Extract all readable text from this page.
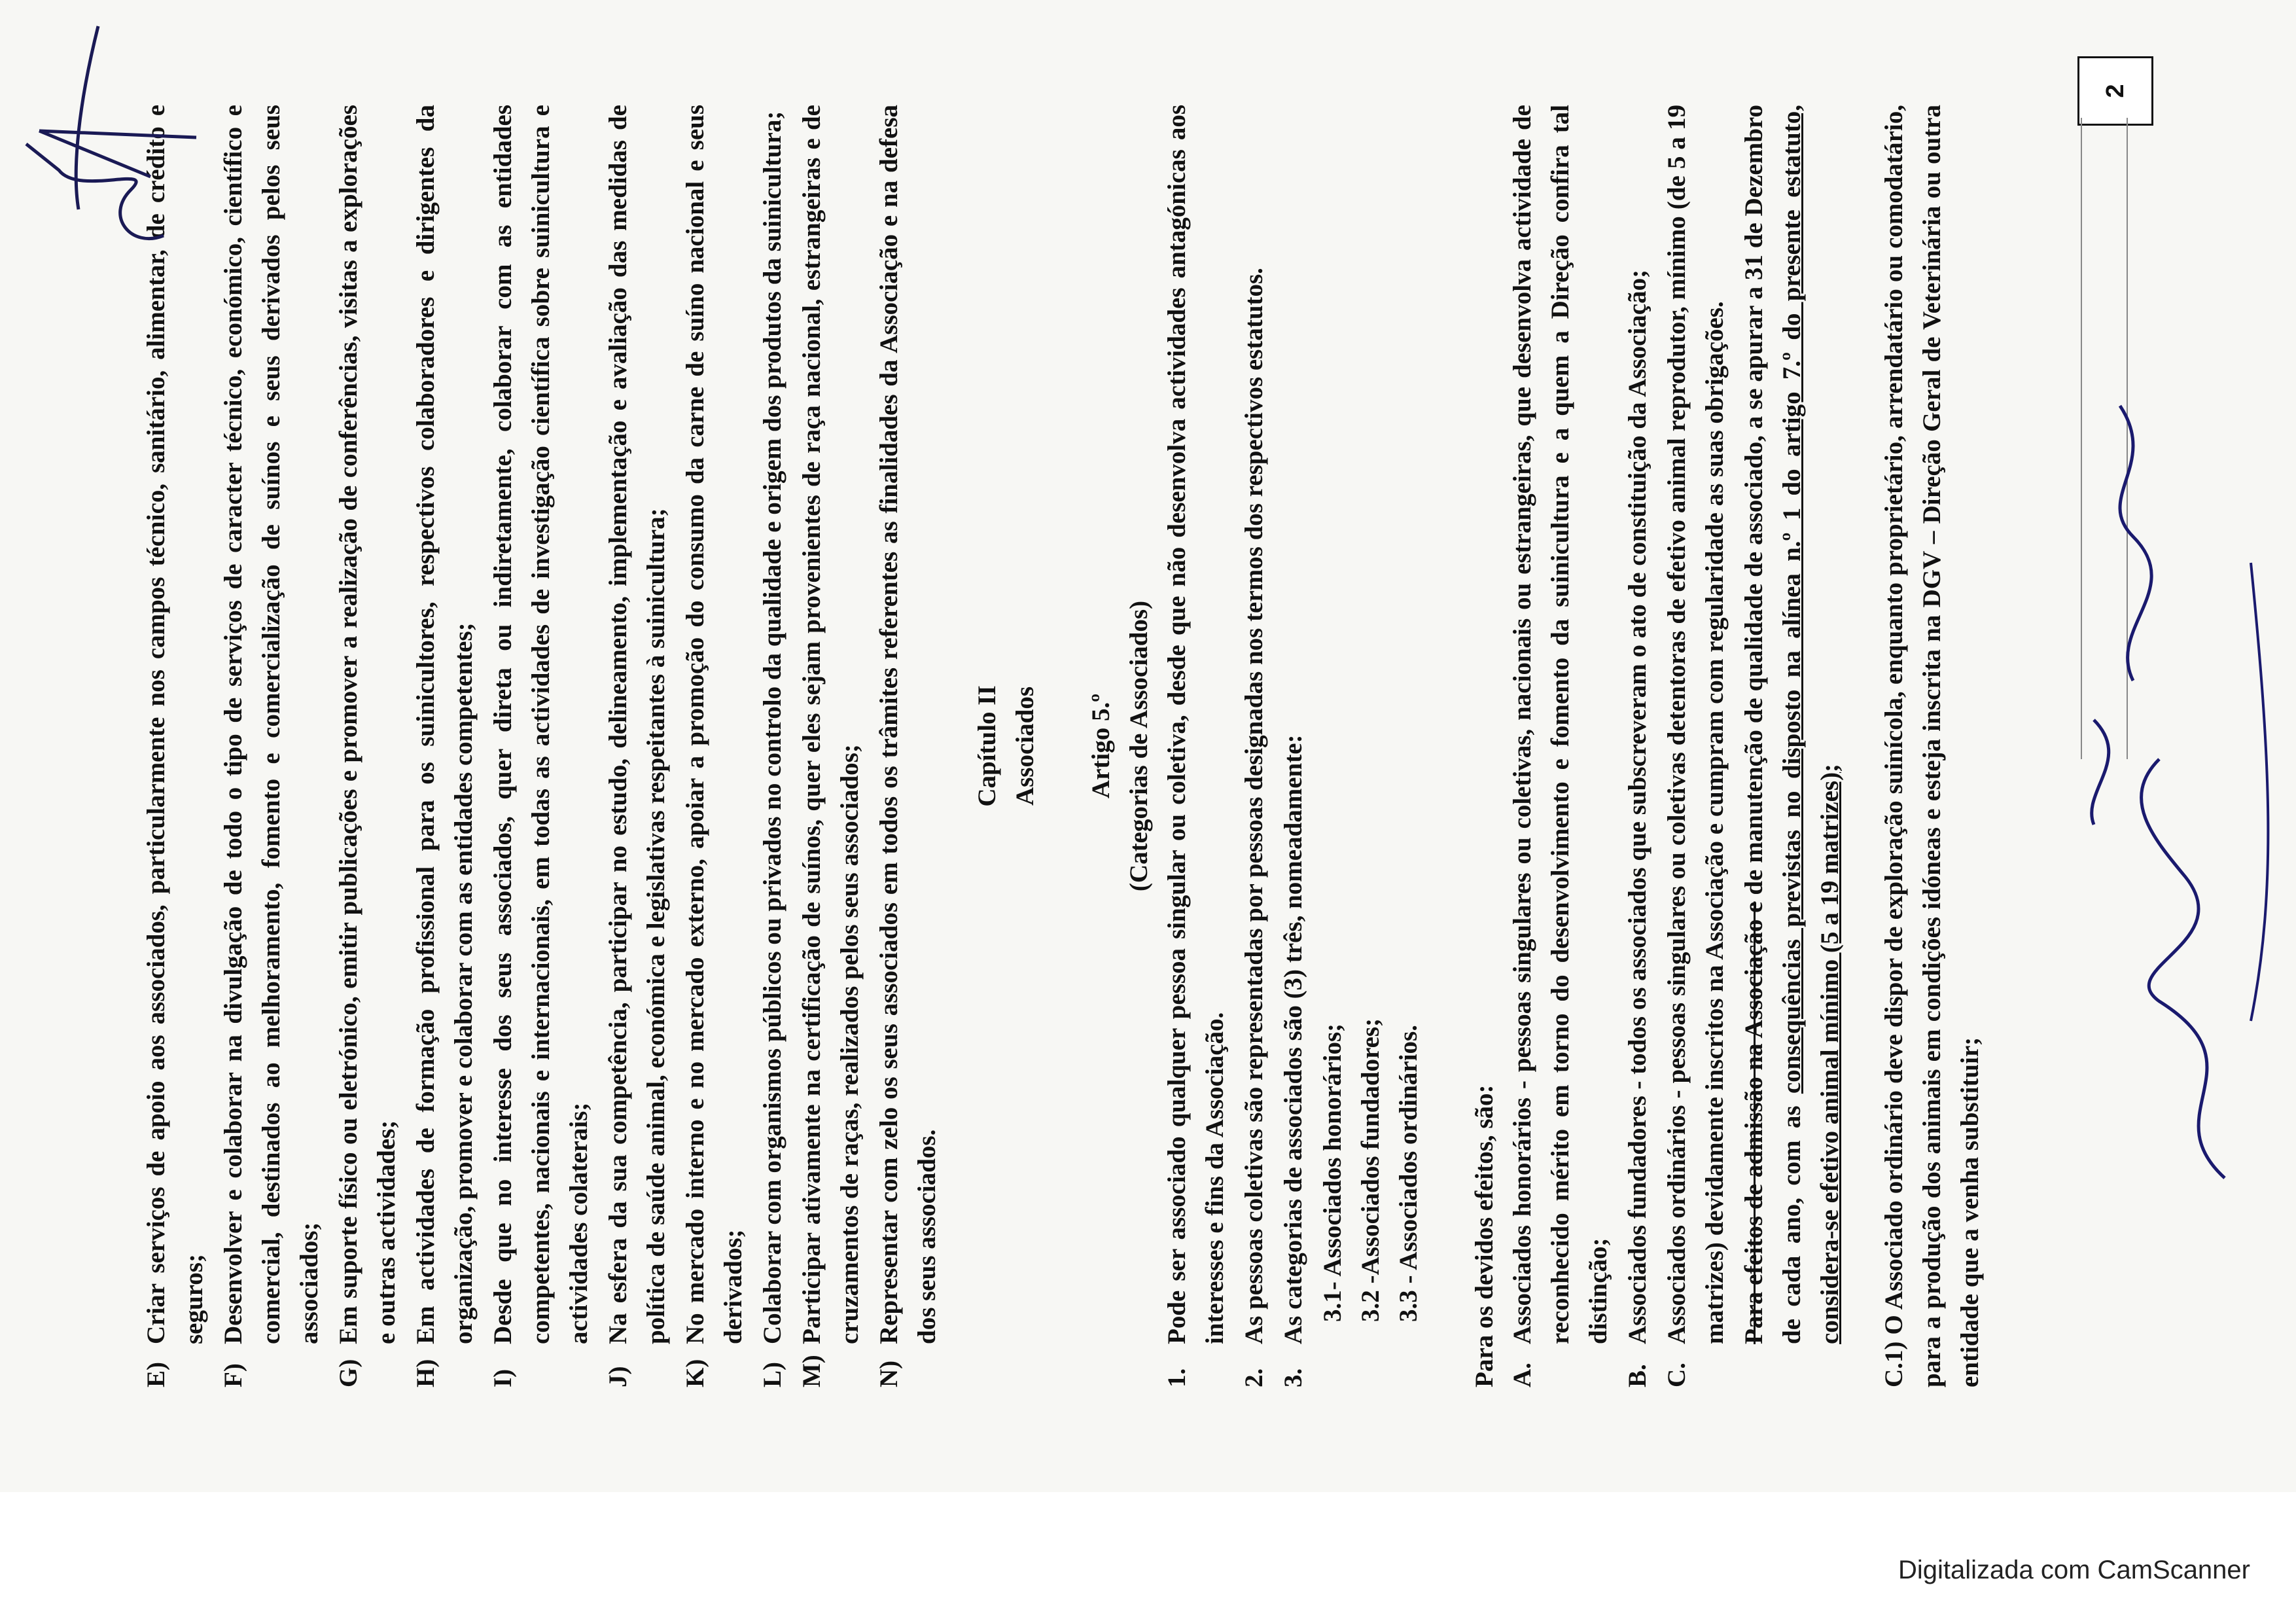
E)
Criar serviços de apoio aos associados, particularmente nos campos técnico, sanitário, alimentar, de crédito e seguros;
F)
Desenvolver e colaborar na divulgação de todo o tipo de serviços de caracter técnico, económico, científico e comercial, destinados ao melhoramento, fomento e comercialização de suínos e seus derivados pelos seus associados;
G)
Em suporte físico ou eletrónico, emitir publicações e promover a realização de conferências, visitas a explorações e outras actividades;
H)
Em actividades de formação profissional para os suinicultores, respectivos colaboradores e dirigentes da organização, promover e colaborar com as entidades competentes;
I)
Desde que no interesse dos seus associados, quer direta ou indiretamente, colaborar com as entidades competentes, nacionais e internacionais, em todas as actividades de investigação científica sobre suinicultura e actividades colaterais;
J)
Na esfera da sua competência, participar no estudo, delineamento, implementação e avaliação das medidas de política de saúde animal, económica e legislativas respeitantes à suinicultura;
K)
No mercado interno e no mercado externo, apoiar a promoção do consumo da carne de suíno nacional e seus derivados;
L)
Colaborar com organismos públicos ou privados no controlo da qualidade e origem dos produtos da suinicultura;
M)
Participar ativamente na certificação de suínos, quer eles sejam provenientes de raça nacional, estrangeiras e de cruzamentos de raças, realizados pelos seus associados;
N)
Representar com zelo os seus associados em todos os trâmites referentes as finalidades da Associação e na defesa dos seus associados.
Capítulo II Associados Artigo 5.º (Categorias de Associados)
1.
Pode ser associado qualquer pessoa singular ou coletiva, desde que não desenvolva actividades antagónicas aos interesses e fins da Associação.
2.
As pessoas coletivas são representadas por pessoas designadas nos termos dos respectivos estatutos.
3.
As categorias de associados são (3) três, nomeadamente: 3.1- Associados honorários; 3.2 -Associados fundadores; 3.3 - Associados ordinários. Para os devidos efeitos, são: A.
Associados honorários - pessoas singulares ou coletivas, nacionais ou estrangeiras, que desenvolva actividade de reconhecido mérito em torno do desenvolvimento e fomento da suinicultura e a quem a Direção confira tal distinção;
B.
Associados fundadores - todos os associados que subscreveram o ato de constituição da Associação;
C.
Associados ordinários - pessoas singulares ou coletivas detentoras de efetivo animal reprodutor, mínimo (de 5 a 19 matrizes) devidamente inscritos na Associação e cumpram com regularidade as suas obrigações. Para efeitos de admissão na Associação e de manutenção de qualidade de associado, a se apurar a 31 de Dezembro de cada ano, com as consequências previstas no disposto na alínea n.º 1 do artigo 7.º do presente estatuto, considera-se efetivo animal mínimo (5 a 19 matrizes); C.1) O Associado ordinário deve dispor de exploração suinícola, enquanto proprietário, arrendatário ou comodatário, para a produção dos animais em condições idóneas e esteja inscrita na DGV – Direção Geral de Veterinária ou outra entidade que a venha substituir;
2
Digitalizada com CamScanner
